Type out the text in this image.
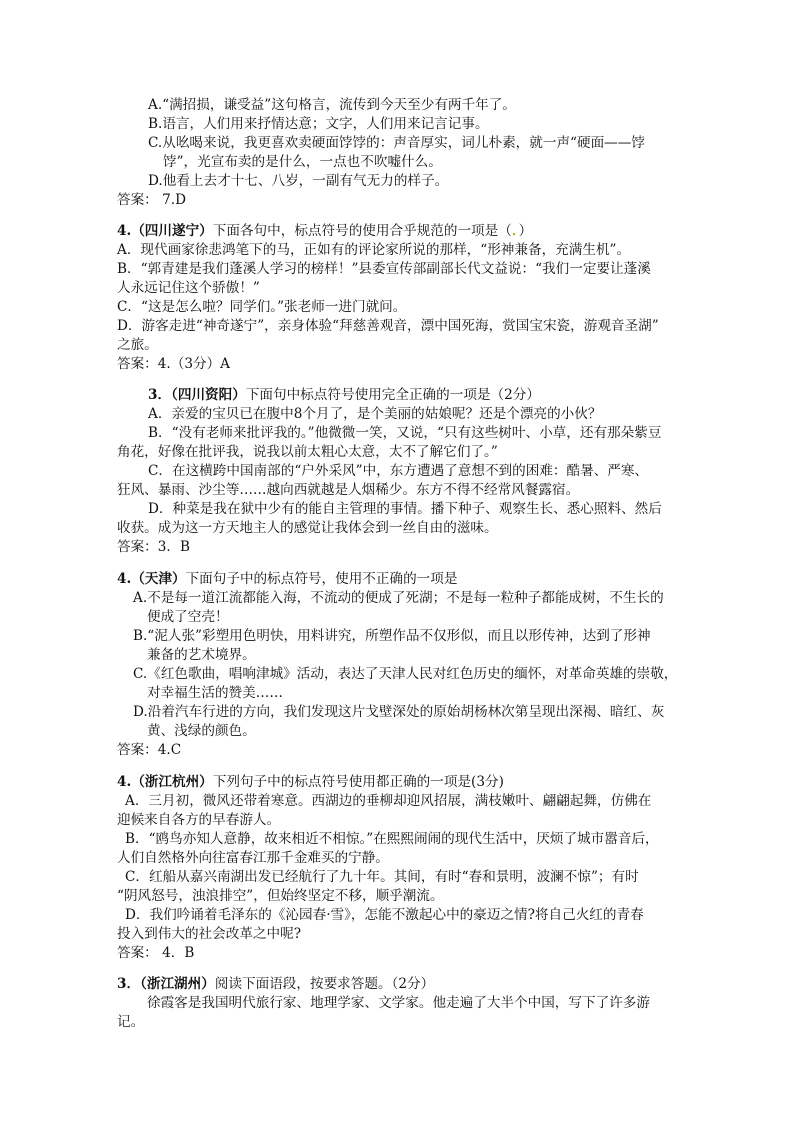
A.“满招损，谦受益”这句格言，流传到今天至少有两千年了。
B.语言，人们用来抒情达意；文字，人们用来记言记事。
C.从吆喝来说，我更喜欢卖硬面饽饽的：声音厚实，词儿朴素，就一声“硬面——饽
饽”，光宣布卖的是什么，一点也不吹嘘什么。
D.他看上去才十七、八岁，一副有气无力的样子。
答案： 7.D
4.（四川遂宁）下面各句中，标点符号的使用合乎规范的一项是（．）
A．现代画家徐悲鸿笔下的马，正如有的评论家所说的那样，“形神兼备，充满生机”。
B．“郭青建是我们蓬溪人学习的榜样！”县委宣传部副部长代文益说：“我们一定要让蓬溪
人永远记住这个骄傲！”
C．“这是怎么啦？同学们。”张老师一进门就问。
D．游客走进“神奇遂宁”，亲身体验“拜慈善观音，漂中国死海，赏国宝宋瓷，游观音圣湖”
之旅。
答案：4.（3分）A
3．（四川资阳）下面句中标点符号使用完全正确的一项是（2分）
A．亲爱的宝贝已在腹中8个月了，是个美丽的姑娘呢？还是个漂亮的小伙？
B．“没有老师来批评我的。”他微微一笑，又说，“只有这些树叶、小草，还有那朵紫豆
角花，好像在批评我，说我以前太粗心太意，太不了解它们了。”
C．在这横跨中国南部的“户外采风”中，东方遭遇了意想不到的困难：酷暑、严寒、
狂风、暴雨、沙尘等……越向西就越是人烟稀少。东方不得不经常风餐露宿。
D．种菜是我在狱中少有的能自主管理的事情。播下种子、观察生长、悉心照料、然后
收获。成为这一方天地主人的感觉让我体会到一丝自由的滋味。
答案：3．B
4.（天津）下面句子中的标点符号，使用不正确的一项是
A.不是每一道江流都能入海，不流动的便成了死湖；不是每一粒种子都能成树，不生长的
便成了空壳！
B.“泥人张”彩塑用色明快，用料讲究，所塑作品不仅形似，而且以形传神，达到了形神
兼备的艺术境界。
C.《红色歌曲，唱响津城》活动，表达了天津人民对红色历史的缅怀，对革命英雄的崇敬，
对幸福生活的赞美……
D.沿着汽车行进的方向，我们发现这片戈壁深处的原始胡杨林次第呈现出深褐、暗红、灰
黄、浅绿的颜色。
答案：4.C
4.（浙江杭州）下列句子中的标点符号使用都正确的一项是(3分)
A．三月初，微风还带着寒意。西湖边的垂柳却迎风招展，满枝嫩叶、翩翩起舞，仿佛在
迎候来自各方的早春游人。
B．“鸥鸟亦知人意静，故来相近不相惊。”在熙熙闹闹的现代生活中，厌烦了城市嚣音后，
人们自然格外向往富春江那千金难买的宁静。
C．红船从嘉兴南湖出发已经航行了九十年。其间，有时“春和景明，波澜不惊”；有时
“阴风怒号，浊浪排空”，但始终坚定不移，顺乎潮流。
D．我们吟诵着毛泽东的《沁园春·雪》，怎能不激起心中的豪迈之情?将自己火红的青春
投入到伟大的社会改革之中呢?
答案： 4．B
3．（浙江湖州）阅读下面语段，按要求答题。（2分）
徐霞客是我国明代旅行家、地理学家、文学家。他走遍了大半个中国，写下了许多游
记。
